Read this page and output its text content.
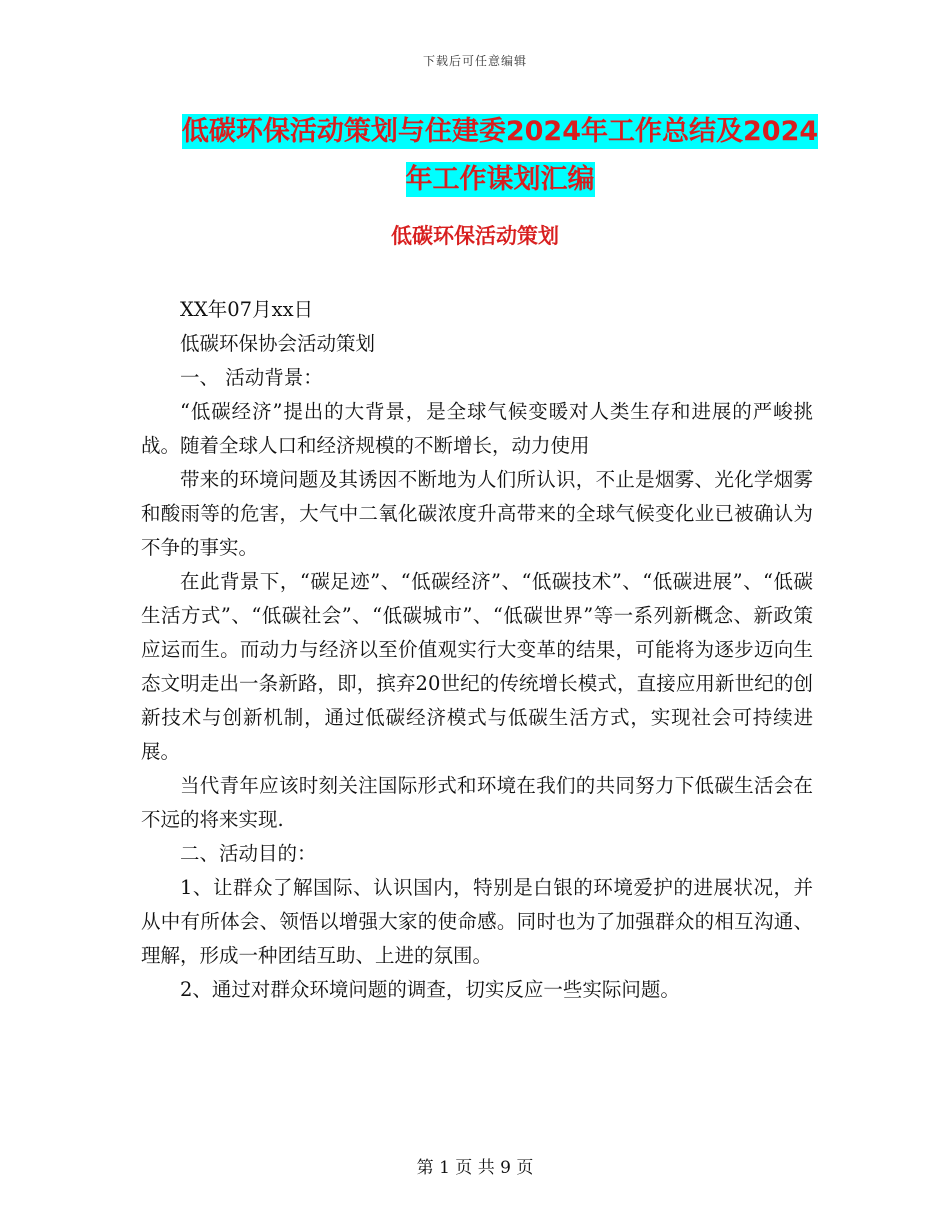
下载后可任意编辑
低碳环保活动策划与住建委2024年工作总结及2024
年工作谋划汇编
低碳环保活动策划

XX年07月xx日

低碳环保协会活动策划

一、 活动背景：

“低碳经济”提出的大背景，是全球气候变暖对人类生存和进展的严峻挑战。随着全球人口和经济规模的不断增长，动力使用

带来的环境问题及其诱因不断地为人们所认识，不止是烟雾、光化学烟雾和酸雨等的危害，大气中二氧化碳浓度升高带来的全球气候变化业已被确认为不争的事实。

在此背景下，“碳足迹”、“低碳经济”、“低碳技术”、“低碳进展”、“低碳生活方式”、“低碳社会”、“低碳城市”、“低碳世界”等一系列新概念、新政策应运而生。而动力与经济以至价值观实行大变革的结果，可能将为逐步迈向生态文明走出一条新路，即，摈弃20世纪的传统增长模式，直接应用新世纪的创新技术与创新机制，通过低碳经济模式与低碳生活方式，实现社会可持续进展。

当代青年应该时刻关注国际形式和环境在我们的共同努力下低碳生活会在不远的将来实现.

二、活动目的：

1、让群众了解国际、认识国内，特别是白银的环境爱护的进展状况，并从中有所体会、领悟以增强大家的使命感。同时也为了加强群众的相互沟通、理解，形成一种团结互助、上进的氛围。

2、通过对群众环境问题的调查，切实反应一些实际问题。

第 1 页 共 9 页
